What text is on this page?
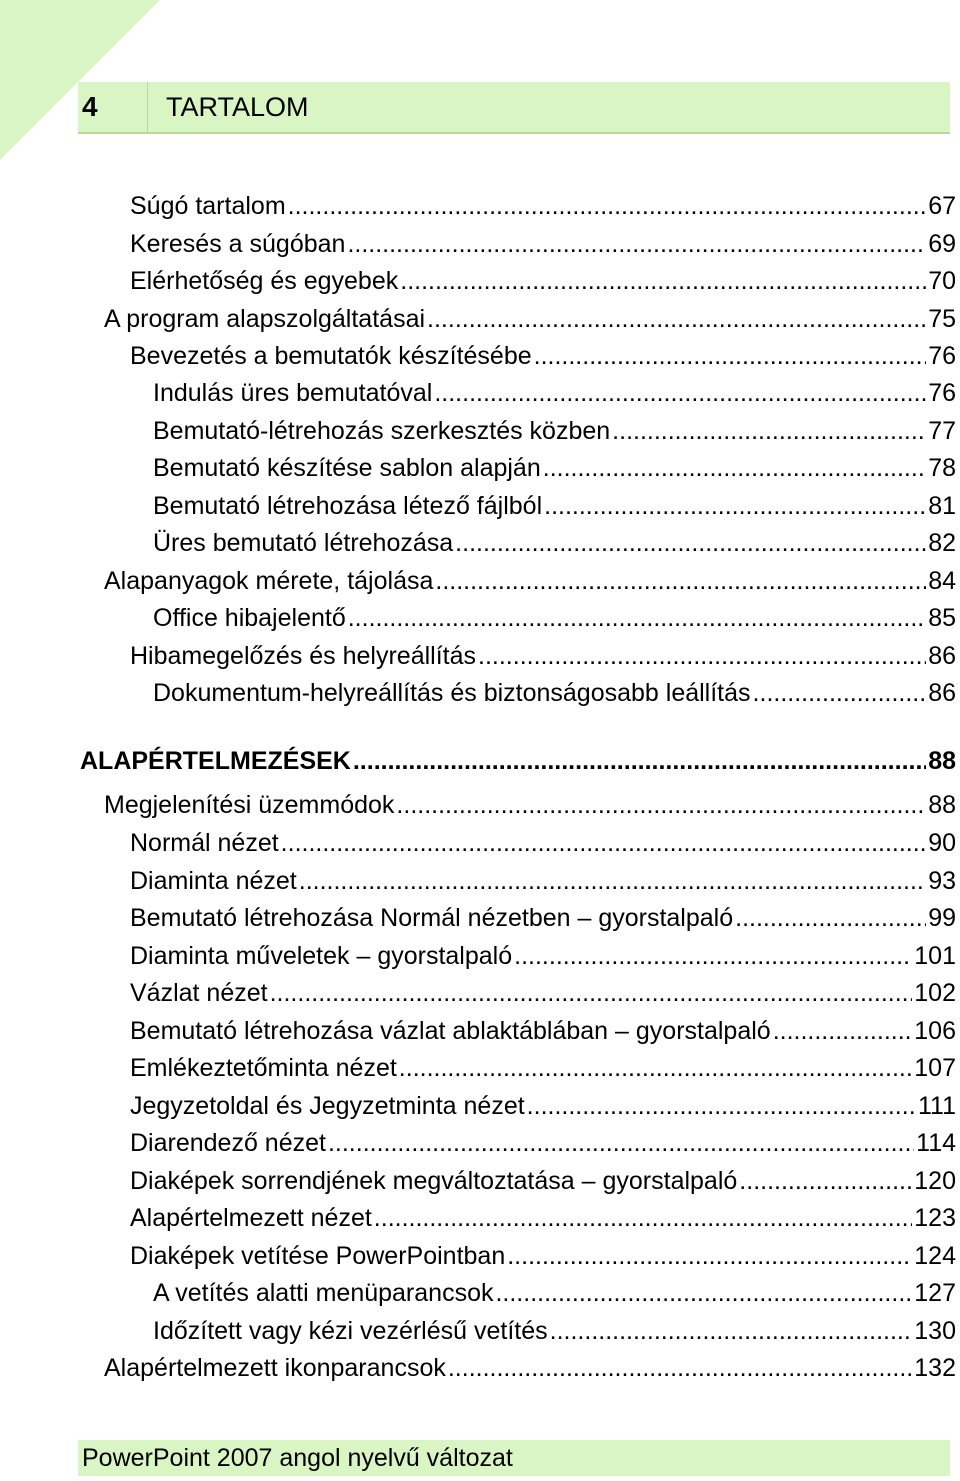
4	TARTALOM
Súgó tartalom .....	67
Keresés a súgóban .....	69
Elérhetőség és egyebek .....	70
A program alapszolgáltatásai .....	75
Bevezetés a bemutatók készítésébe .....	76
Indulás üres bemutatóval .....	76
Bemutató-létrehozás szerkesztés közben .....	77
Bemutató készítése sablon alapján .....	78
Bemutató létrehozása létező fájlból .....	81
Üres bemutató létrehozása .....	82
Alapanyagok mérete, tájolása .....	84
Office hibajelentő .....	85
Hibamegelőzés és helyreállítás .....	86
Dokumentum-helyreállítás és biztonságosabb leállítás .....	86
ALAPÉRTELMEZÉSEK .....	88
Megjelenítési üzemmódok .....	88
Normál nézet .....	90
Diaminta nézet .....	93
Bemutató létrehozása Normál nézetben – gyorstalpaló .....	99
Diaminta műveletek – gyorstalpaló .....	101
Vázlat nézet .....	102
Bemutató létrehozása vázlat ablaktáblában – gyorstalpaló .....	106
Emlékeztetőminta nézet .....	107
Jegyzetoldal és Jegyzetminta nézet .....	111
Diarendező nézet .....	114
Diaképek sorrendjének megváltoztatása – gyorstalpaló .....	120
Alapértelmezett nézet .....	123
Diaképek vetítése PowerPointban .....	124
A vetítés alatti menüparancsok .....	127
Időzített vagy kézi vezérlésű vetítés .....	130
Alapértelmezett ikonparancsok .....	132
PowerPoint 2007 angol nyelvű változat
